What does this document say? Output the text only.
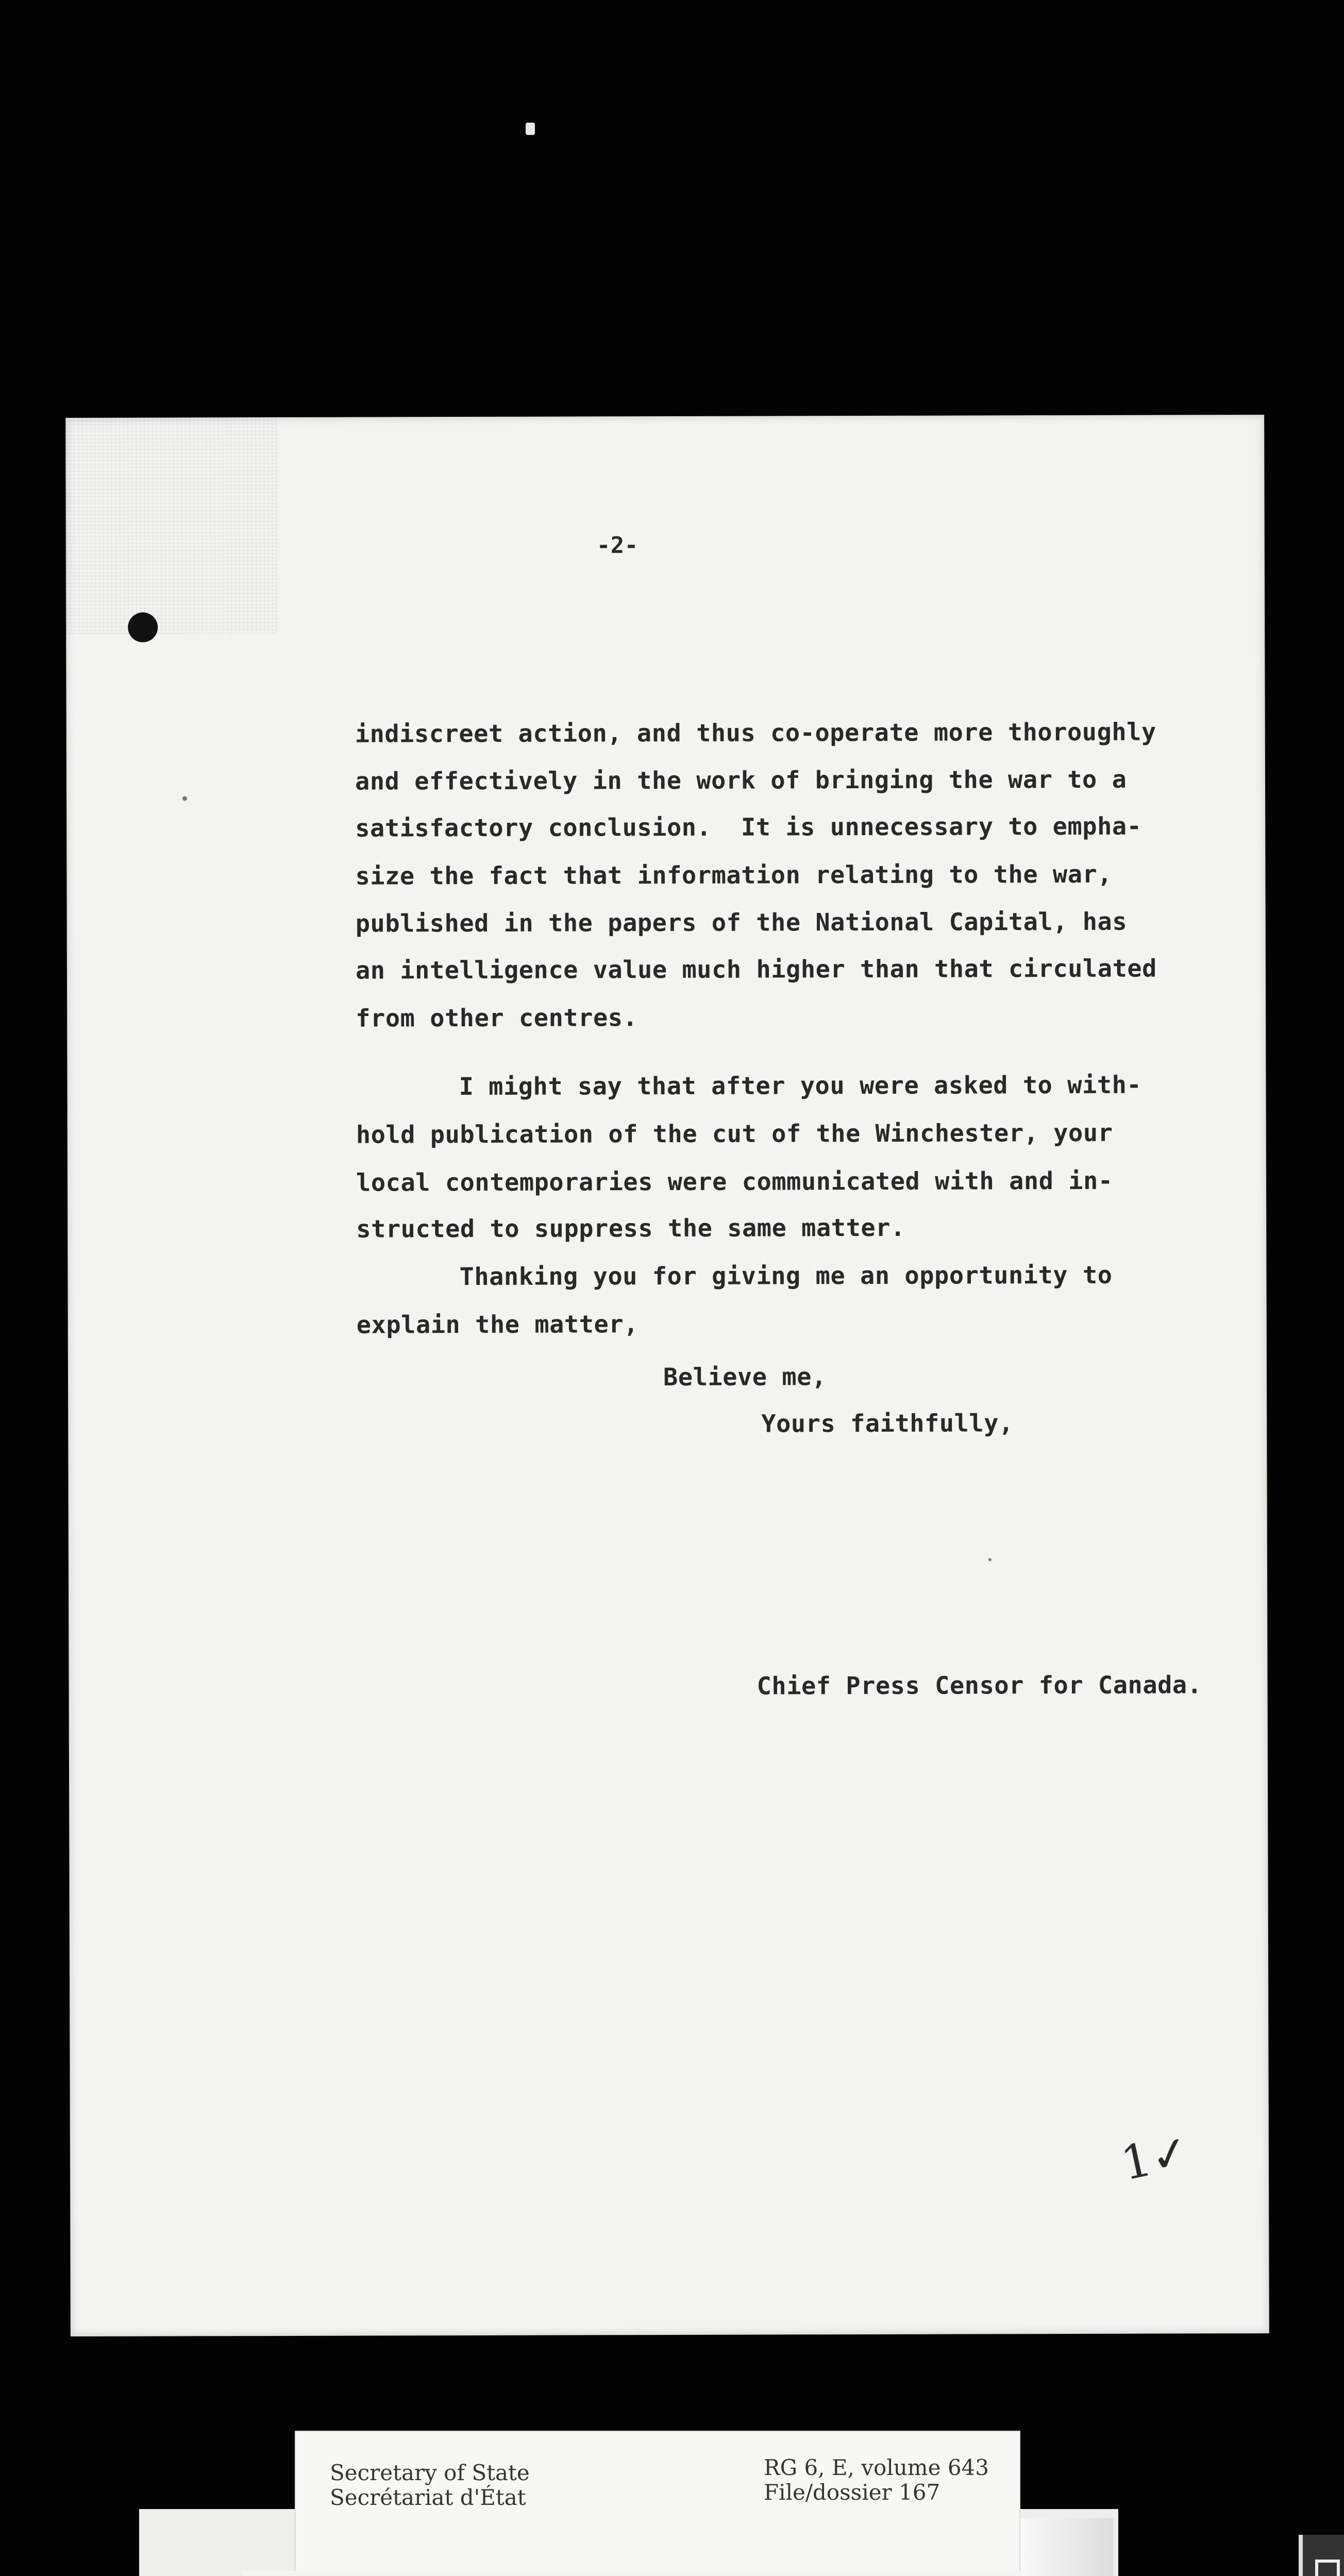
-2-
indiscreet action, and thus co-operate more thoroughly
and effectively in the work of bringing the war to a
satisfactory conclusion.  It is unnecessary to empha-
size the fact that information relating to the war,
published in the papers of the National Capital, has
an intelligence value much higher than that circulated
from other centres.
I might say that after you were asked to with-
hold publication of the cut of the Winchester, your
local contemporaries were communicated with and in-
structed to suppress the same matter.
Thanking you for giving me an opportunity to
explain the matter,
Believe me,
Yours faithfully,
Chief Press Censor for Canada.
1✓
Secretary of State
Secrétariat d'État
RG 6, E, volume 643
File/dossier 167
